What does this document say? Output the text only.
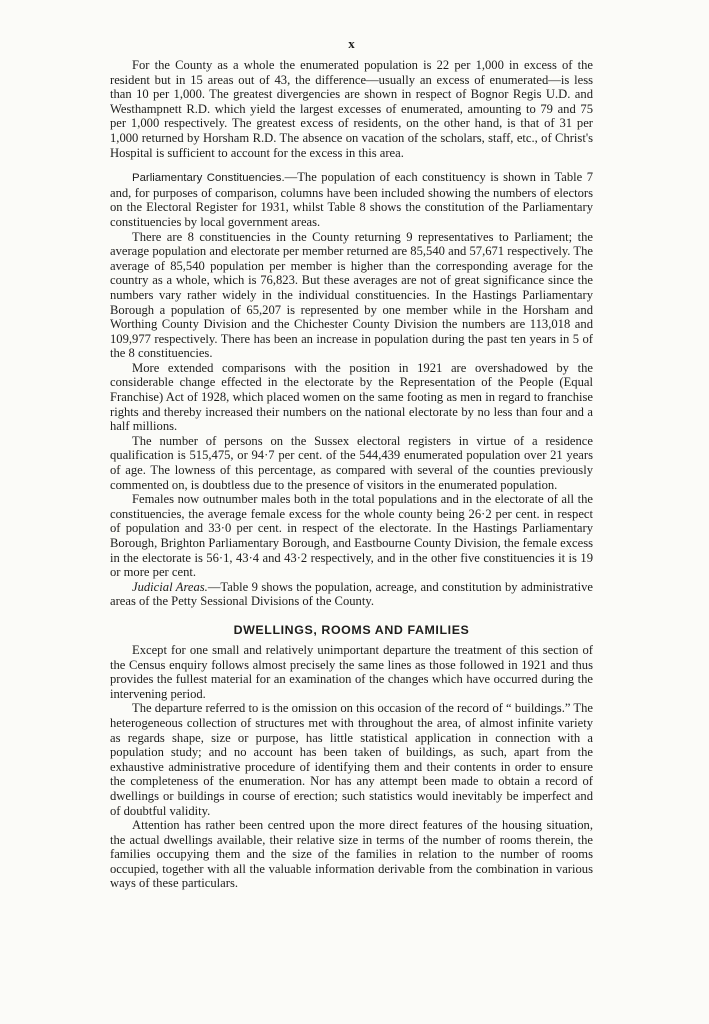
x

For the County as a whole the enumerated population is 22 per 1,000 in excess of the resident but in 15 areas out of 43, the difference—usually an excess of enumerated—is less than 10 per 1,000. The greatest divergencies are shown in respect of Bognor Regis U.D. and Westhampnett R.D. which yield the largest excesses of enumerated, amounting to 79 and 75 per 1,000 respectively. The greatest excess of residents, on the other hand, is that of 31 per 1,000 returned by Horsham R.D. The absence on vacation of the scholars, staff, etc., of Christ's Hospital is sufficient to account for the excess in this area.

Parliamentary Constituencies.—The population of each constituency is shown in Table 7 and, for purposes of comparison, columns have been included showing the numbers of electors on the Electoral Register for 1931, whilst Table 8 shows the constitution of the Parliamentary constituencies by local government areas.

There are 8 constituencies in the County returning 9 representatives to Parliament; the average population and electorate per member returned are 85,540 and 57,671 respectively. The average of 85,540 population per member is higher than the corresponding average for the country as a whole, which is 76,823. But these averages are not of great significance since the numbers vary rather widely in the individual constituencies. In the Hastings Parliamentary Borough a population of 65,207 is represented by one member while in the Horsham and Worthing County Division and the Chichester County Division the numbers are 113,018 and 109,977 respectively. There has been an increase in population during the past ten years in 5 of the 8 constituencies.

More extended comparisons with the position in 1921 are overshadowed by the considerable change effected in the electorate by the Representation of the People (Equal Franchise) Act of 1928, which placed women on the same footing as men in regard to franchise rights and thereby increased their numbers on the national electorate by no less than four and a half millions.

The number of persons on the Sussex electoral registers in virtue of a residence qualification is 515,475, or 94·7 per cent. of the 544,439 enumerated population over 21 years of age. The lowness of this percentage, as compared with several of the counties previously commented on, is doubtless due to the presence of visitors in the enumerated population.

Females now outnumber males both in the total populations and in the electorate of all the constituencies, the average female excess for the whole county being 26·2 per cent. in respect of population and 33·0 per cent. in respect of the electorate. In the Hastings Parliamentary Borough, Brighton Parliamentary Borough, and Eastbourne County Division, the female excess in the electorate is 56·1, 43·4 and 43·2 respectively, and in the other five constituencies it is 19 or more per cent.

Judicial Areas.—Table 9 shows the population, acreage, and constitution by administrative areas of the Petty Sessional Divisions of the County.

DWELLINGS, ROOMS AND FAMILIES

Except for one small and relatively unimportant departure the treatment of this section of the Census enquiry follows almost precisely the same lines as those followed in 1921 and thus provides the fullest material for an examination of the changes which have occurred during the intervening period.

The departure referred to is the omission on this occasion of the record of “ buildings.” The heterogeneous collection of structures met with throughout the area, of almost infinite variety as regards shape, size or purpose, has little statistical application in connection with a population study; and no account has been taken of buildings, as such, apart from the exhaustive administrative procedure of identifying them and their contents in order to ensure the completeness of the enumeration. Nor has any attempt been made to obtain a record of dwellings or buildings in course of erection; such statistics would inevitably be imperfect and of doubtful validity.

Attention has rather been centred upon the more direct features of the housing situation, the actual dwellings available, their relative size in terms of the number of rooms therein, the families occupying them and the size of the families in relation to the number of rooms occupied, together with all the valuable information derivable from the combination in various ways of these particulars.
